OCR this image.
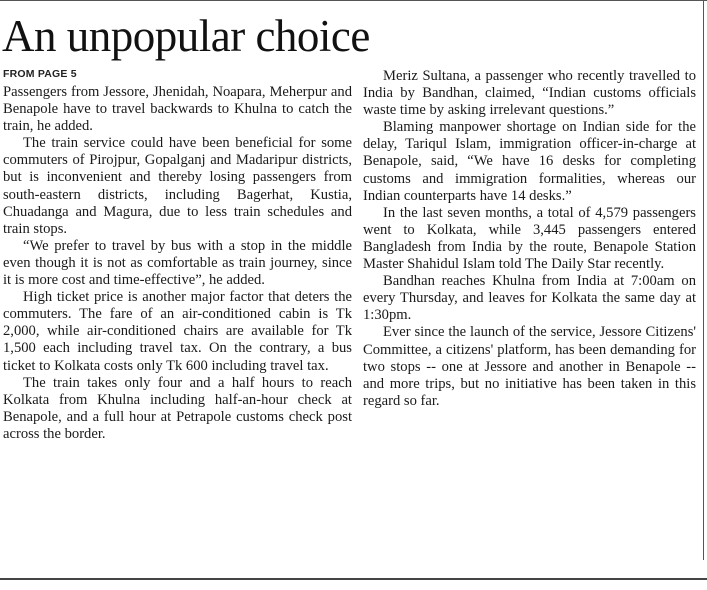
An unpopular choice
FROM PAGE 5

Passengers from Jessore, Jhenidah, Noapara, Meherpur and Benapole have to travel backwards to Khulna to catch the train, he added.

The train service could have been beneficial for some commuters of Pirojpur, Gopalganj and Madaripur districts, but is inconvenient and thereby losing passengers from south-eastern districts, including Bagerhat, Kustia, Chuadanga and Magura, due to less train schedules and train stops.

“We prefer to travel by bus with a stop in the middle even though it is not as comfortable as train journey, since it is more cost and time-effective”, he added.

High ticket price is another major factor that deters the commuters. The fare of an air-conditioned cabin is Tk 2,000, while air-conditioned chairs are available for Tk 1,500 each including travel tax. On the contrary, a bus ticket to Kolkata costs only Tk 600 including travel tax.

The train takes only four and a half hours to reach Kolkata from Khulna including half-an-hour check at Benapole, and a full hour at Petrapole customs check post across the border.

Meriz Sultana, a passenger who recently travelled to India by Bandhan, claimed, “Indian customs officials waste time by asking irrelevant questions.”

Blaming manpower shortage on Indian side for the delay, Tariqul Islam, immigration officer-in-charge at Benapole, said, “We have 16 desks for completing customs and immigration formalities, whereas our Indian counterparts have 14 desks.”

In the last seven months, a total of 4,579 passengers went to Kolkata, while 3,445 passengers entered Bangladesh from India by the route, Benapole Station Master Shahidul Islam told The Daily Star recently.

Bandhan reaches Khulna from India at 7:00am on every Thursday, and leaves for Kolkata the same day at 1:30pm.

Ever since the launch of the service, Jessore Citizens' Committee, a citizens' platform, has been demanding for two stops -- one at Jessore and another in Benapole -- and more trips, but no initiative has been taken in this regard so far.
